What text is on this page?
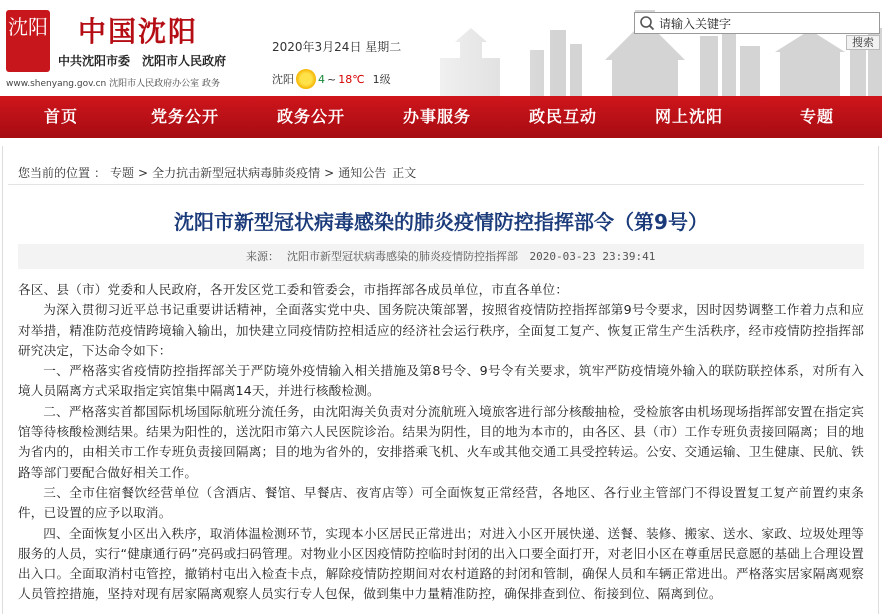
沈阳 中国沈阳
中共沈阳市委　沈阳市人民政府
www.shenyang.gov.cn 沈阳市人民政府办公室 政务
2020年3月24日 星期二
沈阳 4 ~ 18℃ 1级
请输入关键字
搜索
首页	党务公开	政务公开	办事服务	政民互动	网上沈阳	专题
您当前的位置 ： 专题 > 全力抗击新型冠状病毒肺炎疫情 > 通知公告 正文
沈阳市新型冠状病毒感染的肺炎疫情防控指挥部令（第9号）
来源： 沈阳市新型冠状病毒感染的肺炎疫情防控指挥部 2020-03-23 23:39:41

各区、县（市）党委和人民政府，各开发区党工委和管委会，市指挥部各成员单位，市直各单位：

为深入贯彻习近平总书记重要讲话精神，全面落实党中央、国务院决策部署，按照省疫情防控指挥部第9号令要求，因时因势调整工作着力点和应对举措，精准防范疫情跨境输入输出，加快建立同疫情防控相适应的经济社会运行秩序，全面复工复产、恢复正常生产生活秩序，经市疫情防控指挥部研究决定，下达命令如下：

一、严格落实省疫情防控指挥部关于严防境外疫情输入相关措施及第8号令、9号令有关要求，筑牢严防疫情境外输入的联防联控体系，对所有入境人员隔离方式采取指定宾馆集中隔离14天，并进行核酸检测。

二、严格落实首都国际机场国际航班分流任务，由沈阳海关负责对分流航班入境旅客进行部分核酸抽检，受检旅客由机场现场指挥部安置在指定宾馆等待核酸检测结果。结果为阳性的，送沈阳市第六人民医院诊治。结果为阴性，目的地为本市的，由各区、县（市）工作专班负责接回隔离；目的地为省内的，由相关市工作专班负责接回隔离；目的地为省外的，安排搭乘飞机、火车或其他交通工具受控转运。公安、交通运输、卫生健康、民航、铁路等部门要配合做好相关工作。

三、全市住宿餐饮经营单位（含酒店、餐馆、早餐店、夜宵店等）可全面恢复正常经营，各地区、各行业主管部门不得设置复工复产前置约束条件，已设置的应予以取消。

四、全面恢复小区出入秩序，取消体温检测环节，实现本小区居民正常进出；对进入小区开展快递、送餐、装修、搬家、送水、家政、垃圾处理等服务的人员，实行“健康通行码”亮码或扫码管理。对物业小区因疫情防控临时封闭的出入口要全面打开，对老旧小区在尊重居民意愿的基础上合理设置出入口。全面取消村屯管控，撤销村屯出入检查卡点，解除疫情防控期间对农村道路的封闭和管制，确保人员和车辆正常进出。严格落实居家隔离观察人员管控措施，坚持对现有居家隔离观察人员实行专人包保，做到集中力量精准防控，确保排查到位、衔接到位、隔离到位。
